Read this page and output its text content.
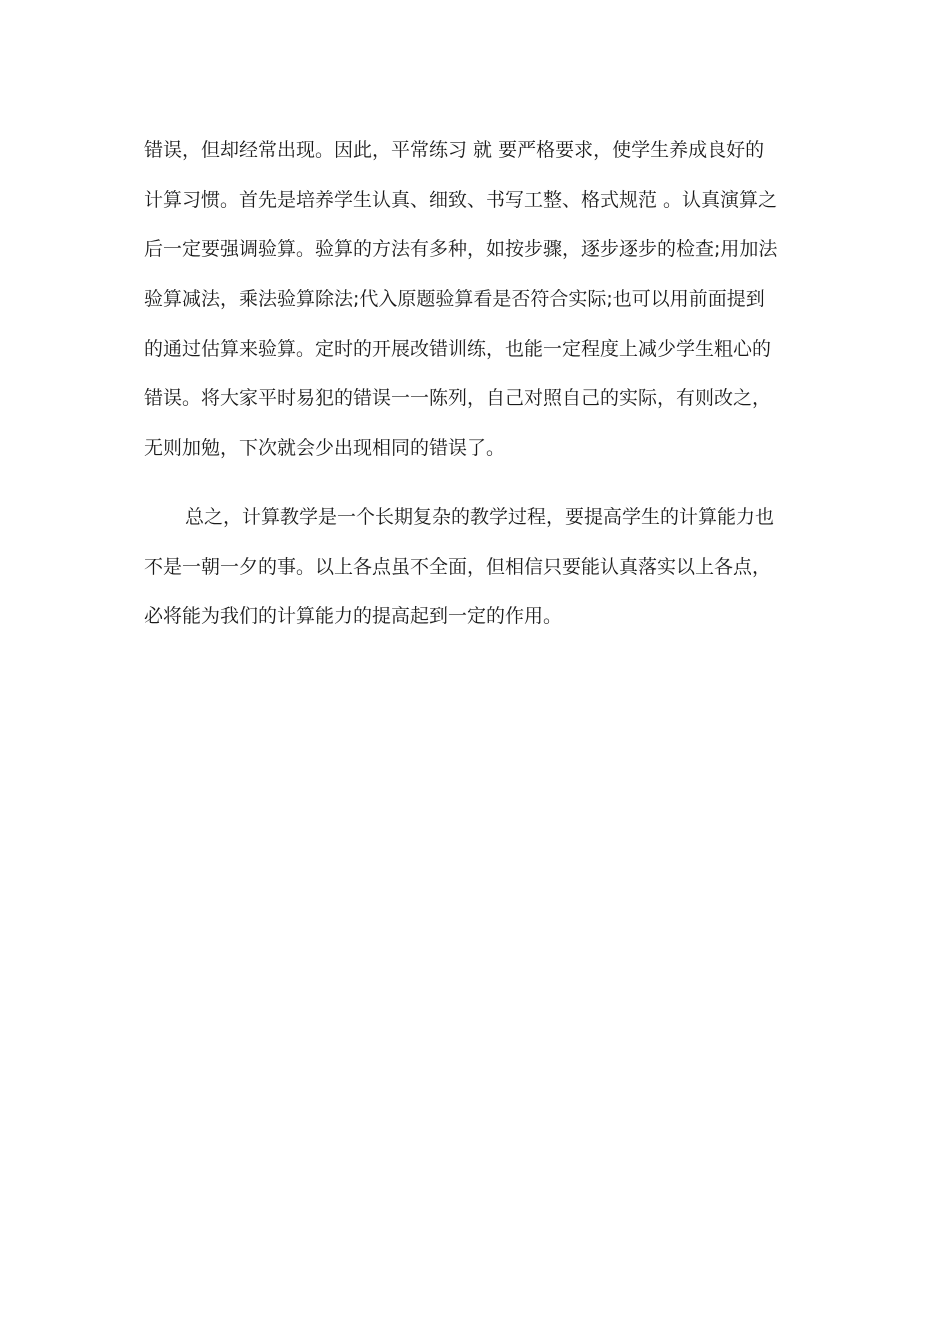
错误，但却经常出现。因此，平常练习 就 要严格要求，使学生养成良好的
计算习惯。首先是培养学生认真、细致、书写工整、格式规范 。认真演算之
后一定要强调验算。验算的方法有多种，如按步骤，逐步逐步的检查;用加法
验算减法，乘法验算除法;代入原题验算看是否符合实际;也可以用前面提到
的通过估算来验算。定时的开展改错训练，也能一定程度上减少学生粗心的
错误。将大家平时易犯的错误一一陈列，自己对照自己的实际，有则改之，
无则加勉，下次就会少出现相同的错误了。
总之，计算教学是一个长期复杂的教学过程，要提高学生的计算能力也
不是一朝一夕的事。以上各点虽不全面，但相信只要能认真落实以上各点，
必将能为我们的计算能力的提高起到一定的作用。
